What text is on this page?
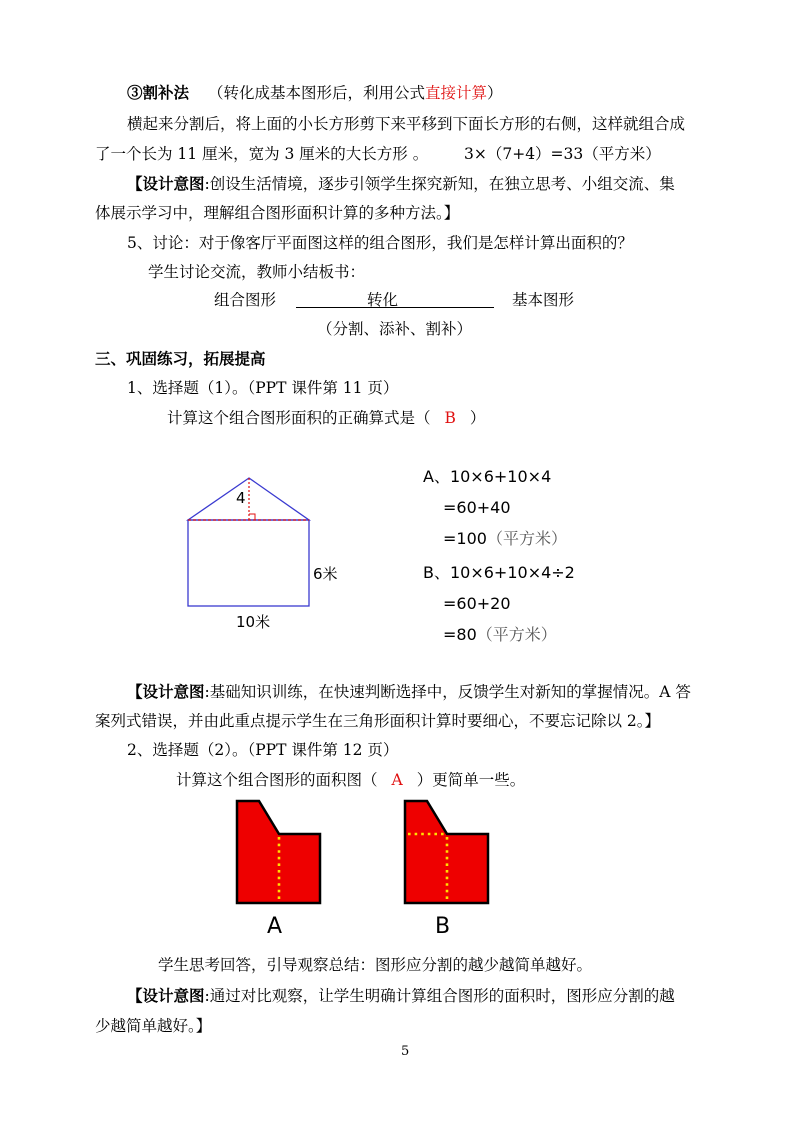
③割补法 （转化成基本图形后，利用公式直接计算）
横起来分割后，将上面的小长方形剪下来平移到下面长方形的右侧，这样就组合成
了一个长为 11 厘米，宽为 3 厘米的大长方形 。 3×（7+4）=33（平方米）
【设计意图:创设生活情境，逐步引领学生探究新知，在独立思考、小组交流、集
体展示学习中，理解组合图形面积计算的多种方法。】
5、讨论：对于像客厅平面图这样的组合图形，我们是怎样计算出面积的？
学生讨论交流，教师小结板书：
组合图形	转化	基本图形
（分割、添补、割补）
三、巩固练习，拓展提高
1、选择题（1）。（PPT 课件第 11 页）
计算这个组合图形面积的正确算式是（ B ）
4
6米
10米
A、10×6+10×4
=60+40
=100（平方米）
B、10×6+10×4÷2
=60+20
=80（平方米）
【设计意图:基础知识训练，在快速判断选择中，反馈学生对新知的掌握情况。A 答
案列式错误，并由此重点提示学生在三角形面积计算时要细心，不要忘记除以 2。】
2、选择题（2）。（PPT 课件第 12 页）
计算这个组合图形的面积图（ A ）更简单一些。
A	B
学生思考回答，引导观察总结：图形应分割的越少越简单越好。
【设计意图:通过对比观察，让学生明确计算组合图形的面积时，图形应分割的越
少越简单越好。】
5
